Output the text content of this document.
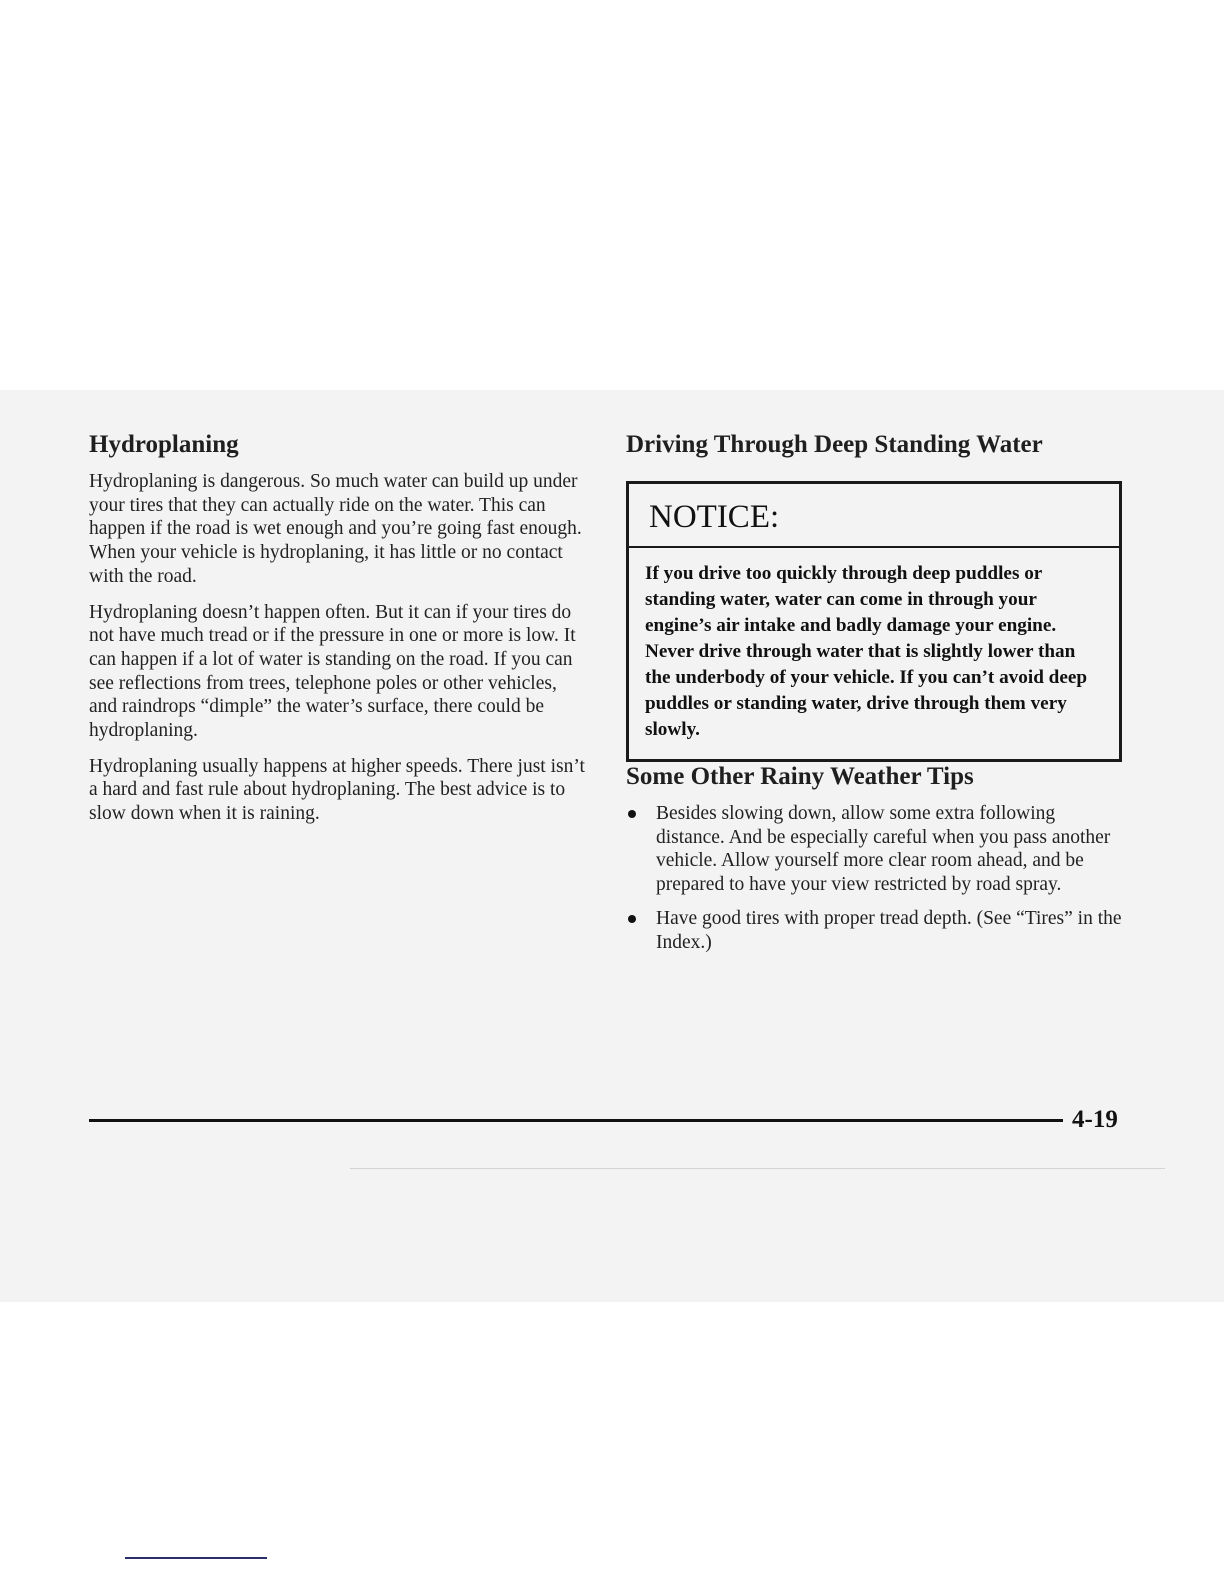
Hydroplaning

Hydroplaning is dangerous. So much water can build up under your tires that they can actually ride on the water. This can happen if the road is wet enough and you’re going fast enough. When your vehicle is hydroplaning, it has little or no contact with the road.

Hydroplaning doesn’t happen often. But it can if your tires do not have much tread or if the pressure in one or more is low. It can happen if a lot of water is standing on the road. If you can see reflections from trees, telephone poles or other vehicles, and raindrops “dimple” the water’s surface, there could be hydroplaning.

Hydroplaning usually happens at higher speeds. There just isn’t a hard and fast rule about hydroplaning. The best advice is to slow down when it is raining.

Driving Through Deep Standing Water
NOTICE:
If you drive too quickly through deep puddles or standing water, water can come in through your engine’s air intake and badly damage your engine. Never drive through water that is slightly lower than the underbody of your vehicle. If you can’t avoid deep puddles or standing water, drive through them very slowly.
Some Other Rainy Weather Tips
Besides slowing down, allow some extra following distance. And be especially careful when you pass another vehicle. Allow yourself more clear room ahead, and be prepared to have your view restricted by road spray.
Have good tires with proper tread depth. (See “Tires” in the Index.)
4-19
